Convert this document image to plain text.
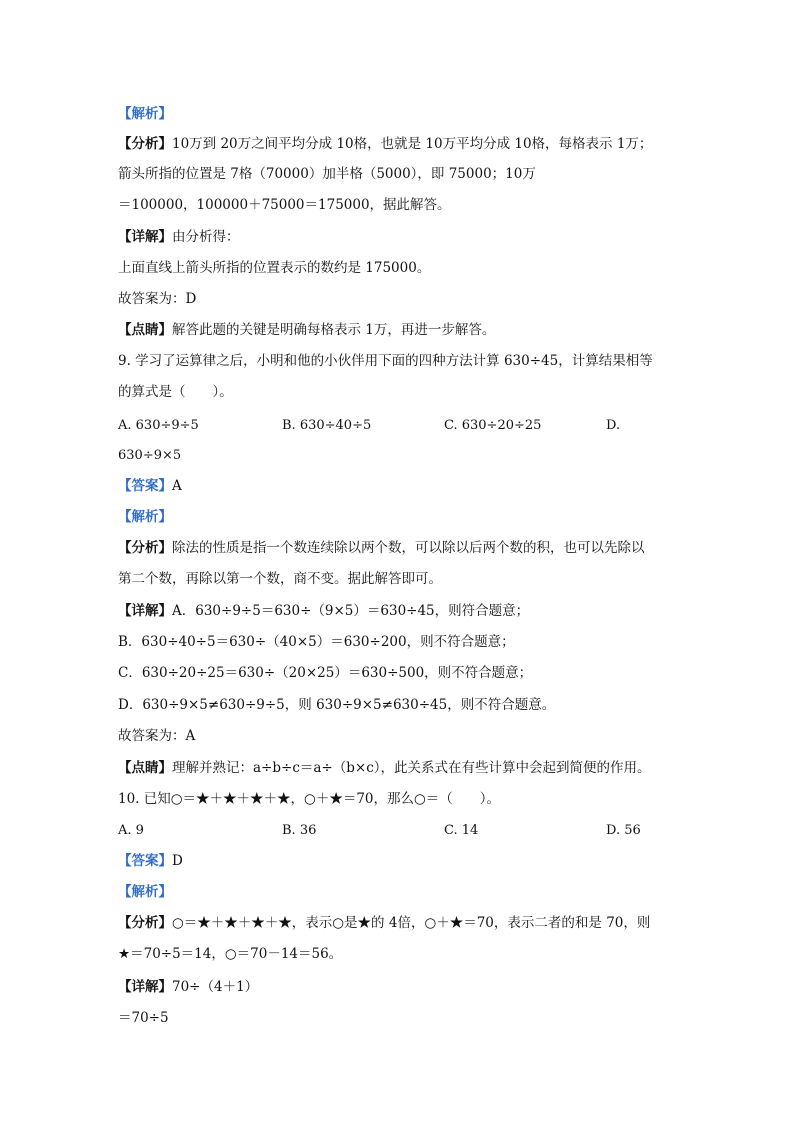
【解析】
【分析】10万到 20万之间平均分成 10格，也就是 10万平均分成 10格，每格表示 1万；
箭头所指的位置是 7格（70000）加半格（5000），即 75000；10万
＝100000，100000＋75000＝175000，据此解答。
【详解】由分析得：
上面直线上箭头所指的位置表示的数约是 175000。
故答案为：D
【点睛】解答此题的关键是明确每格表示 1万，再进一步解答。
9. 学习了运算律之后，小明和他的小伙伴用下面的四种方法计算 630÷45，计算结果相等
的算式是（　　）。
A. 630÷9÷5	B. 630÷40÷5	C. 630÷20÷25	D.
630÷9×5
【答案】A
【解析】
【分析】除法的性质是指一个数连续除以两个数，可以除以后两个数的积，也可以先除以
第二个数，再除以第一个数，商不变。据此解答即可。
【详解】A．630÷9÷5＝630÷（9×5）＝630÷45，则符合题意；
B．630÷40÷5＝630÷（40×5）＝630÷200，则不符合题意；
C．630÷20÷25＝630÷（20×25）＝630÷500，则不符合题意；
D．630÷9×5≠630÷9÷5，则 630÷9×5≠630÷45，则不符合题意。
故答案为：A
【点睛】理解并熟记：a÷b÷c＝a÷（b×c），此关系式在有些计算中会起到简便的作用。
10. 已知○＝★＋★＋★＋★，○＋★＝70，那么○＝（　　）。
A. 9	B. 36	C. 14	D. 56
【答案】D
【解析】
【分析】○＝★＋★＋★＋★，表示○是★的 4倍，○＋★＝70，表示二者的和是 70，则
★＝70÷5＝14，○＝70－14＝56。
【详解】70÷（4＋1）
＝70÷5
